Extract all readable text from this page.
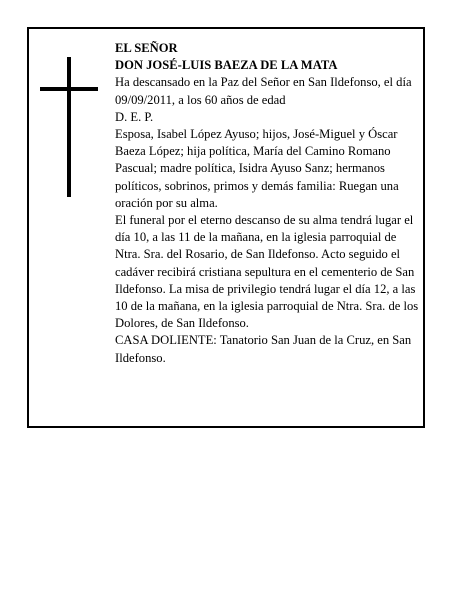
EL SEÑOR

DON JOSÉ-LUIS BAEZA DE LA MATA

Ha descansado en la Paz del Señor en San Ildefonso, el día 09/09/2011, a los 60 años de edad

D. E. P.

Esposa, Isabel López Ayuso; hijos, José-Miguel y Óscar Baeza López; hija política, María del Camino Romano Pascual; madre política, Isidra Ayuso Sanz; hermanos políticos, sobrinos, primos y demás familia: Ruegan una oración por su alma.

El funeral por el eterno descanso de su alma tendrá lugar el día 10, a las 11 de la mañana, en la iglesia parroquial de Ntra. Sra. del Rosario, de San Ildefonso. Acto seguido el cadáver recibirá cristiana sepultura en el cementerio de San Ildefonso. La misa de privilegio tendrá lugar el día 12, a las 10 de la mañana, en la iglesia parroquial de Ntra. Sra. de los Dolores, de San Ildefonso.

CASA DOLIENTE: Tanatorio San Juan de la Cruz, en San Ildefonso.
